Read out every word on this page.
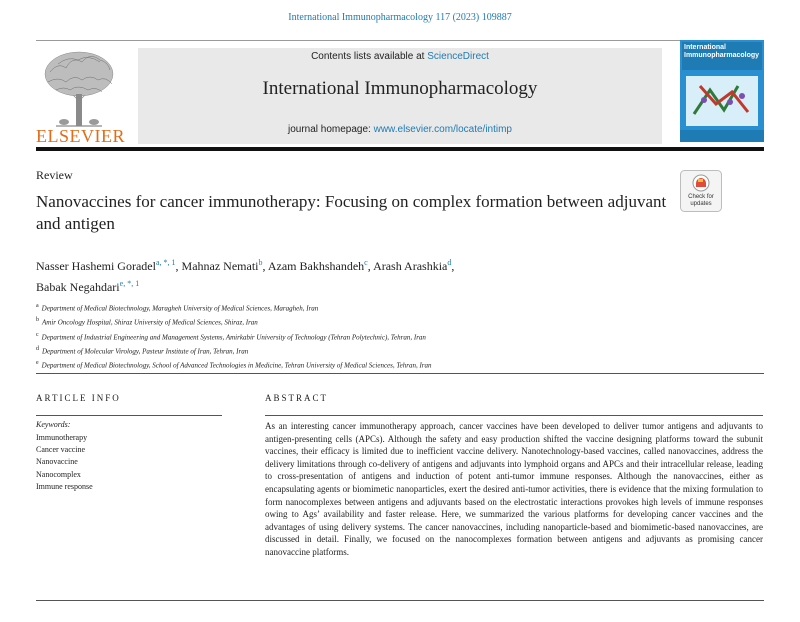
International Immunopharmacology 117 (2023) 109887
ELSEVIER
Contents lists available at ScienceDirect
International Immunopharmacology
journal homepage: www.elsevier.com/locate/intimp
International Immunopharmacology
Review
Nanovaccines for cancer immunotherapy: Focusing on complex formation between adjuvant and antigen
Check for
updates
Nasser Hashemi Goradel$^{a, *, 1}$, Mahnaz Nemati$^b$, Azam Bakhshandeh$^c$, Arash Arashkia$^d$,
Babak Negahdari$^{e, *, 1}$
$^a$ Department of Medical Biotechnology, Maragheh University of Medical Sciences, Maragheh, Iran
$^b$ Amir Oncology Hospital, Shiraz University of Medical Sciences, Shiraz, Iran
$^c$ Department of Industrial Engineering and Management Systems, Amirkabir University of Technology (Tehran Polytechnic), Tehran, Iran
$^d$ Department of Molecular Virology, Pasteur Institute of Iran, Tehran, Iran
$^e$ Department of Medical Biotechnology, School of Advanced Technologies in Medicine, Tehran University of Medical Sciences, Tehran, Iran
ARTICLE INFO
Keywords:
Immunotherapy
Cancer vaccine
Nanovaccine
Nanocomplex
Immune response
ABSTRACT
As an interesting cancer immunotherapy approach, cancer vaccines have been developed to deliver tumor antigens and adjuvants to antigen-presenting cells (APCs). Although the safety and easy production shifted the vaccine designing platforms toward the subunit vaccines, their efficacy is limited due to inefficient vaccine delivery. Nanotechnology-based vaccines, called nanovaccines, address the delivery limitations through co-delivery of antigens and adjuvants into lymphoid organs and APCs and their intracellular release, leading to cross-presentation of antigens and induction of potent anti-tumor immune responses. Although the nanovaccines, either as encapsulating agents or biomimetic nanoparticles, exert the desired anti-tumor activities, there is evidence that the mixing formulation to form nanocomplexes between antigens and adjuvants based on the electrostatic interactions provokes high levels of immune responses owing to Ags’ availability and faster release. Here, we summarized the various platforms for developing cancer vaccines and the advantages of using delivery systems. The cancer nanovaccines, including nanoparticle-based and biomimetic-based nanovaccines, are discussed in detail. Finally, we focused on the nanocomplexes formation between antigens and adjuvants as promising cancer nanovaccine platforms.
